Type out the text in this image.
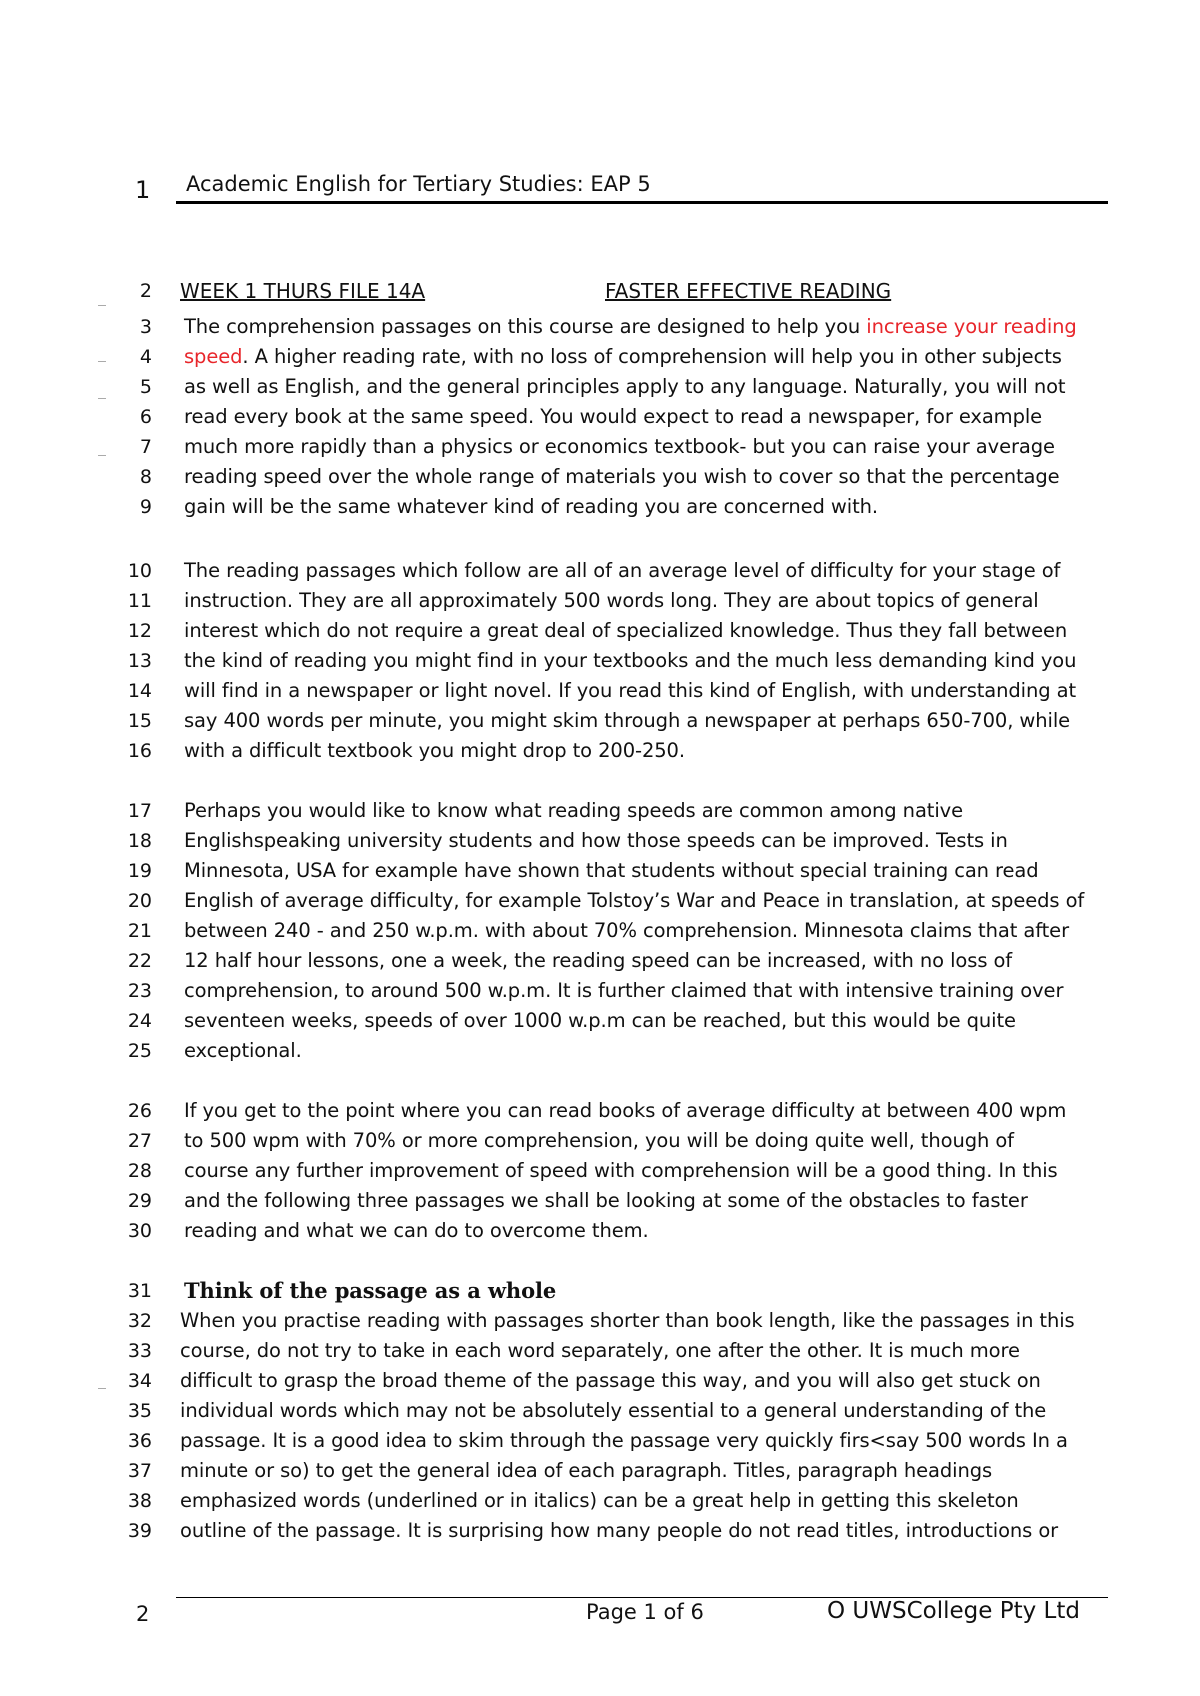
1 Academic English for Tertiary Studies: EAP 5
2 WEEK 1 THURS FILE 14A	FASTER EFFECTIVE READING
3 The comprehension passages on this course are designed to help you increase your reading
4 speed. A higher reading rate, with no loss of comprehension will help you in other subjects
5 as well as English, and the general principles apply to any language. Naturally, you will not
6 read every book at the same speed. You would expect to read a newspaper, for example
7 much more rapidly than a physics or economics textbook- but you can raise your average
8 reading speed over the whole range of materials you wish to cover so that the percentage
9 gain will be the same whatever kind of reading you are concerned with.
10 The reading passages which follow are all of an average level of difficulty for your stage of
11 instruction. They are all approximately 500 words long. They are about topics of general
12 interest which do not require a great deal of specialized knowledge. Thus they fall between
13 the kind of reading you might find in your textbooks and the much less demanding kind you
14 will find in a newspaper or light novel. If you read this kind of English, with understanding at
15 say 400 words per minute, you might skim through a newspaper at perhaps 650-700, while
16 with a difficult textbook you might drop to 200-250.
17 Perhaps you would like to know what reading speeds are common among native
18 Englishspeaking university students and how those speeds can be improved. Tests in
19 Minnesota, USA for example have shown that students without special training can read
20 English of average difficulty, for example Tolstoy’s War and Peace in translation, at speeds of
21 between 240 - and 250 w.p.m. with about 70% comprehension. Minnesota claims that after
22 12 half hour lessons, one a week, the reading speed can be increased, with no loss of
23 comprehension, to around 500 w.p.m. It is further claimed that with intensive training over
24 seventeen weeks, speeds of over 1000 w.p.m can be reached, but this would be quite
25 exceptional.
26 If you get to the point where you can read books of average difficulty at between 400 wpm
27 to 500 wpm with 70% or more comprehension, you will be doing quite well, though of
28 course any further improvement of speed with comprehension will be a good thing. In this
29 and the following three passages we shall be looking at some of the obstacles to faster
30 reading and what we can do to overcome them.
31 Think of the passage as a whole
32 When you practise reading with passages shorter than book length, like the passages in this
33 course, do not try to take in each word separately, one after the other. It is much more
34 difficult to grasp the broad theme of the passage this way, and you will also get stuck on
35 individual words which may not be absolutely essential to a general understanding of the
36 passage. It is a good idea to skim through the passage very quickly firs<say 500 words In a
37 minute or so) to get the general idea of each paragraph. Titles, paragraph headings
38 emphasized words (underlined or in italics) can be a great help in getting this skeleton
39 outline of the passage. It is surprising how many people do not read titles, introductions or
2	Page 1 of 6	O UWSCollege Pty Ltd
